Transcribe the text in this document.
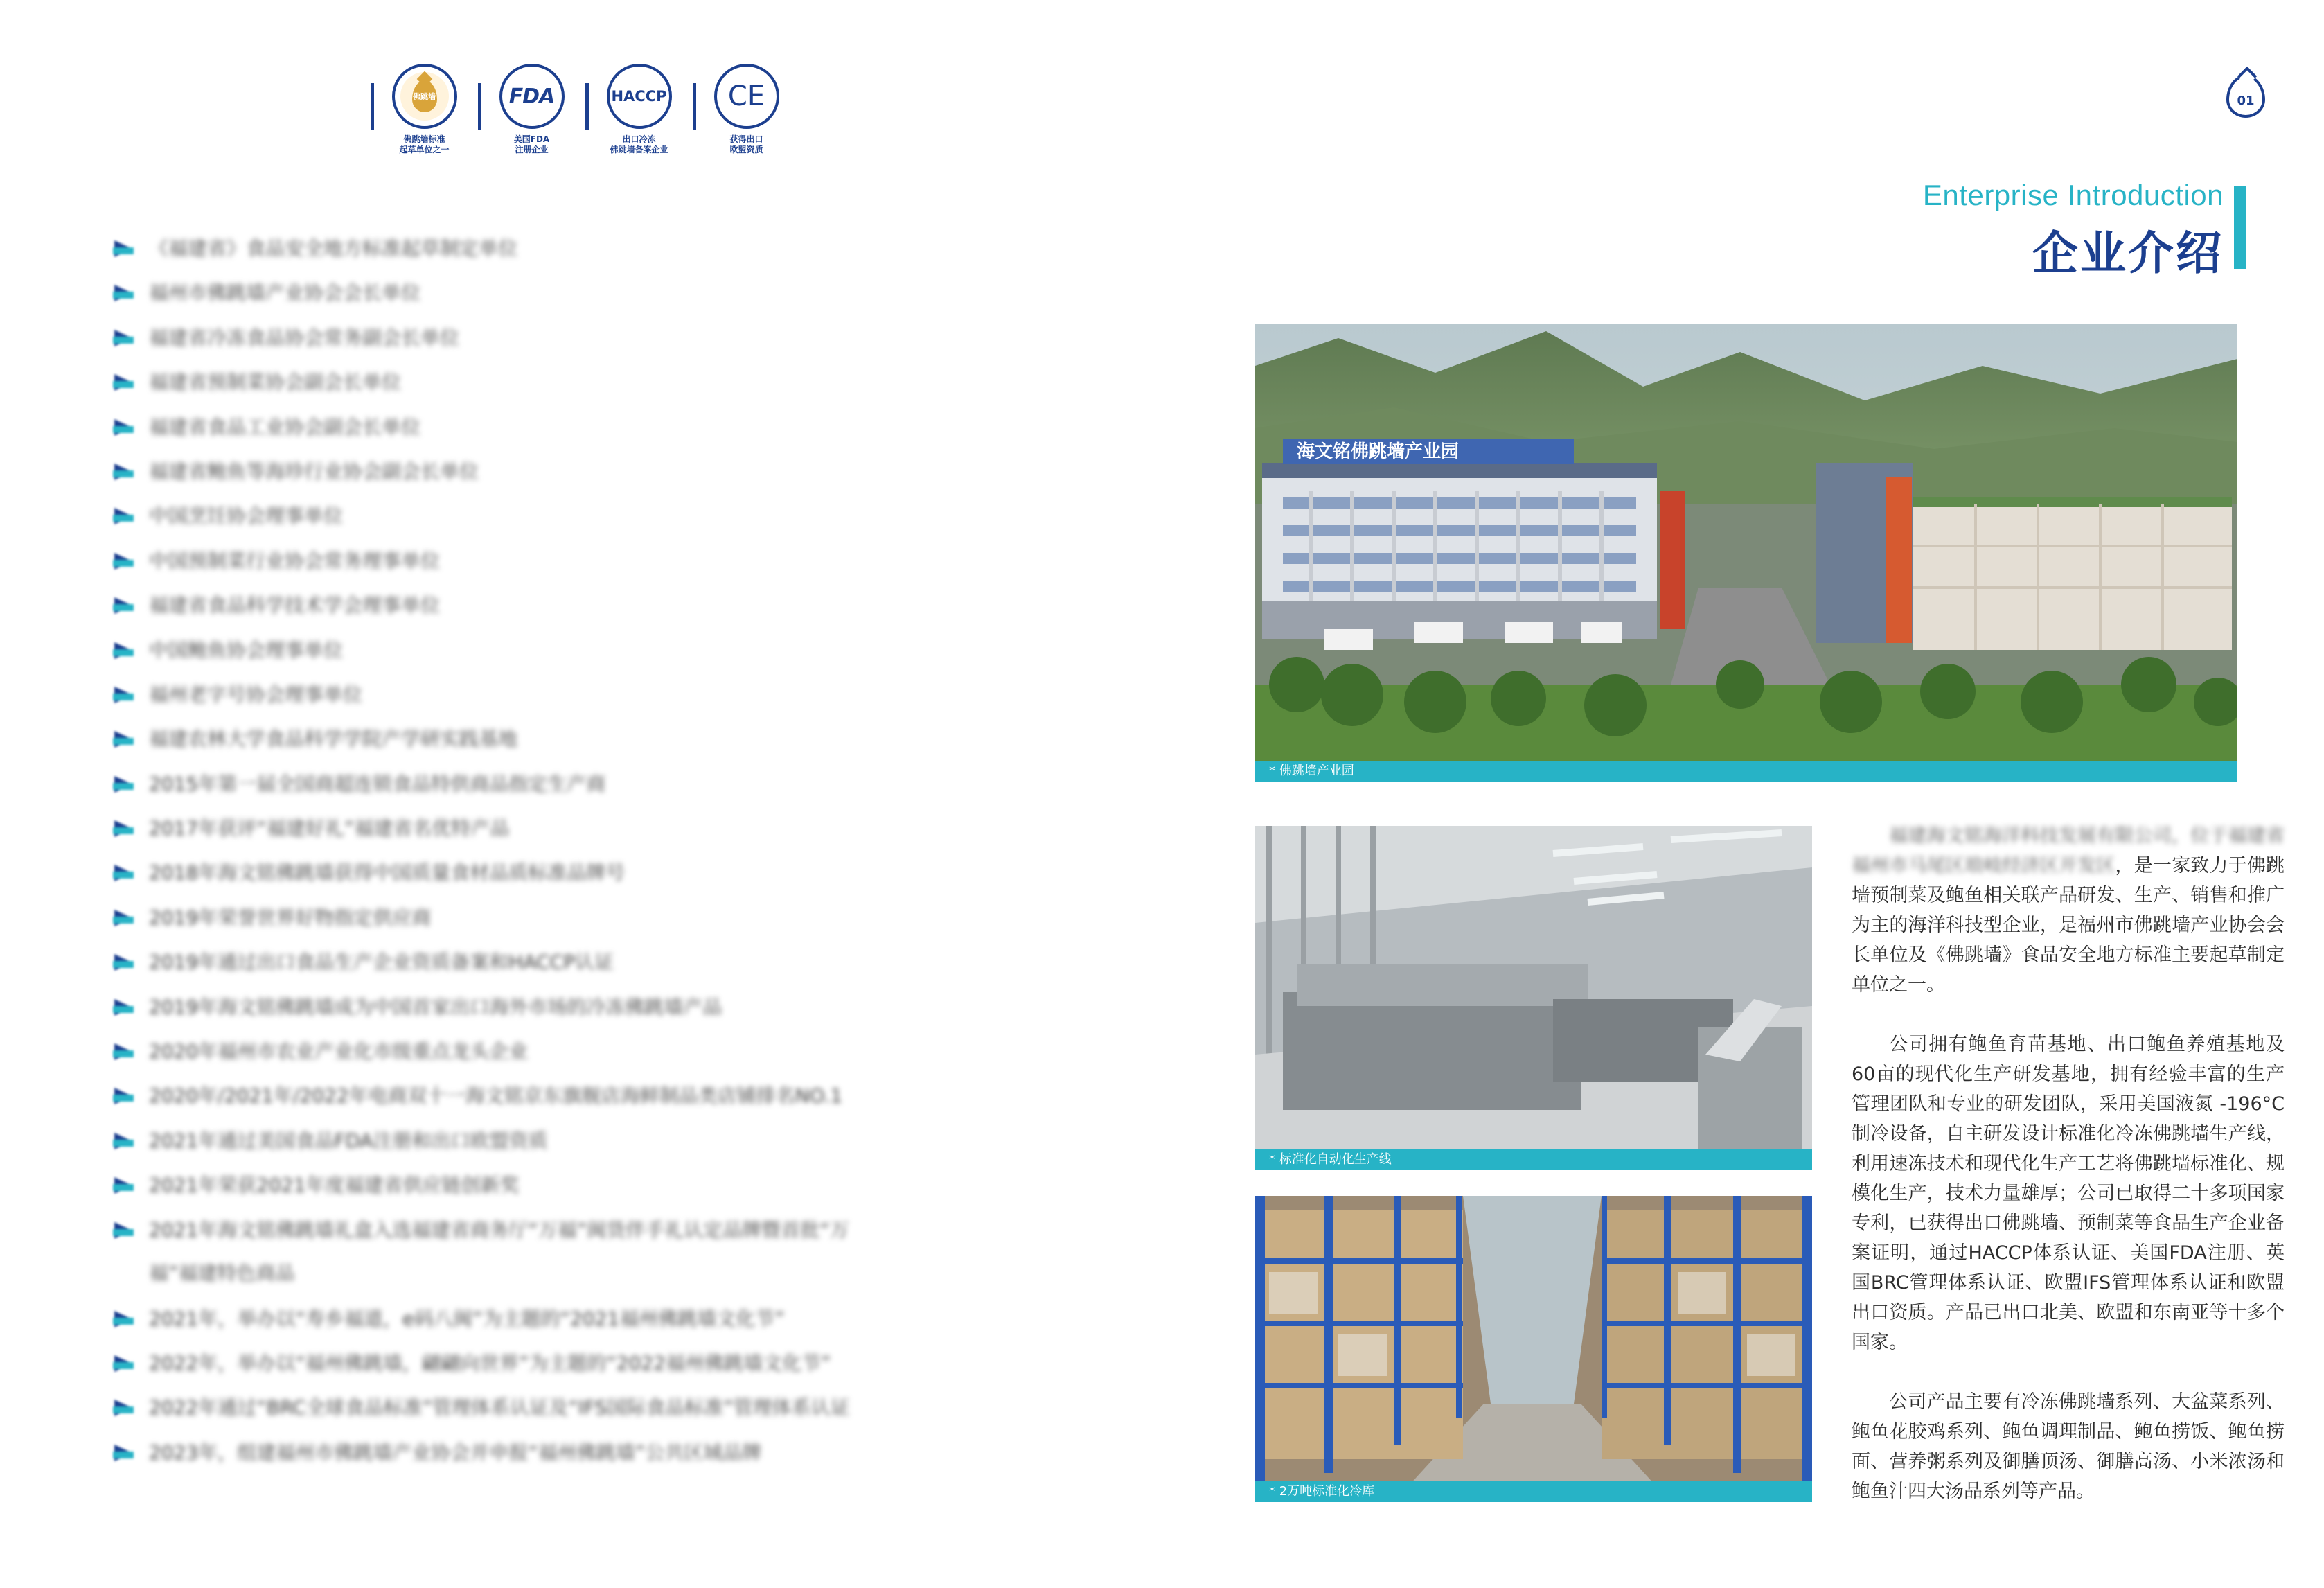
佛跳墙
佛跳墙标准
起草单位之一
FDA
美国FDA
注册企业
HACCP
出口冷冻
佛跳墙备案企业
CE
获得出口
欧盟资质
01
Enterprise Introduction
企业介绍
《福建省》食品安全地方标准起草制定单位
福州市佛跳墙产业协会会长单位
福建省冷冻食品协会常务副会长单位
福建省预制菜协会副会长单位
福建省食品工业协会副会长单位
福建省鲍鱼等海珍行业协会副会长单位
中国烹饪协会理事单位
中国预制菜行业协会常务理事单位
福建省食品科学技术学会理事单位
中国鲍鱼协会理事单位
福州老字号协会理事单位
福建农林大学食品科学学院产学研实践基地
2015年第一届全国商超连锁食品特供商品指定生产商
2017年获评“福建好礼”福建省名优特产品
2018年海文铭佛跳墙获得中国质量食材品质标准品牌号
2019年荣誉世界好物指定供应商
2019年通过出口食品生产企业资质备案和HACCP认证
2019年海文铭佛跳墙成为中国首家出口海外市场的冷冻佛跳墙产品
2020年福州市农业产业化市级重点龙头企业
2020年/2021年/2022年电商双十一海文铭京东旗舰店海鲜制品类店铺排名NO.1
2021年通过美国食品FDA注册和出口欧盟资质
2021年荣获2021年度福建省供应链创新奖
2021年海文铭佛跳墙礼盒入选福建省商务厅“万福”闽货伴手礼认定品牌暨首批“万
福”福建特色商品
2021年，举办以“寿乡福道，e码八闽”为主题的“2021福州佛跳墙文化节”
2022年，举办以“福州佛跳墙，翩翩向世界”为主题的“2022福州佛跳墙文化节”
2022年通过“BRC全球食品标准”管理体系认证及“IFS国际食品标准”管理体系认证
2023年，组建福州市佛跳墙产业协会并申报“福州佛跳墙”公共区域品牌
海文铭佛跳墙产业园
* 佛跳墙产业园
* 标准化自动化生产线
* 2万吨标准化冷库

福建海文铭海洋科技发展有限公司，位于福建省福州市马尾区琅岐经济区开发区，是一家致力于佛跳墙预制菜及鲍鱼相关联产品研发、生产、销售和推广为主的海洋科技型企业，是福州市佛跳墙产业协会会长单位及《佛跳墙》食品安全地方标准主要起草制定单位之一。

公司拥有鲍鱼育苗基地、出口鲍鱼养殖基地及60亩的现代化生产研发基地，拥有经验丰富的生产管理团队和专业的研发团队，采用美国液氮 -196°C制冷设备，自主研发设计标准化冷冻佛跳墙生产线，利用速冻技术和现代化生产工艺将佛跳墙标准化、规模化生产，技术力量雄厚；公司已取得二十多项国家专利，已获得出口佛跳墙、预制菜等食品生产企业备案证明，通过HACCP体系认证、美国FDA注册、英国BRC管理体系认证、欧盟IFS管理体系认证和欧盟出口资质。产品已出口北美、欧盟和东南亚等十多个国家。

公司产品主要有冷冻佛跳墙系列、大盆菜系列、鲍鱼花胶鸡系列、鲍鱼调理制品、鲍鱼捞饭、鲍鱼捞面、营养粥系列及御膳顶汤、御膳高汤、小米浓汤和鲍鱼汁四大汤品系列等产品。
